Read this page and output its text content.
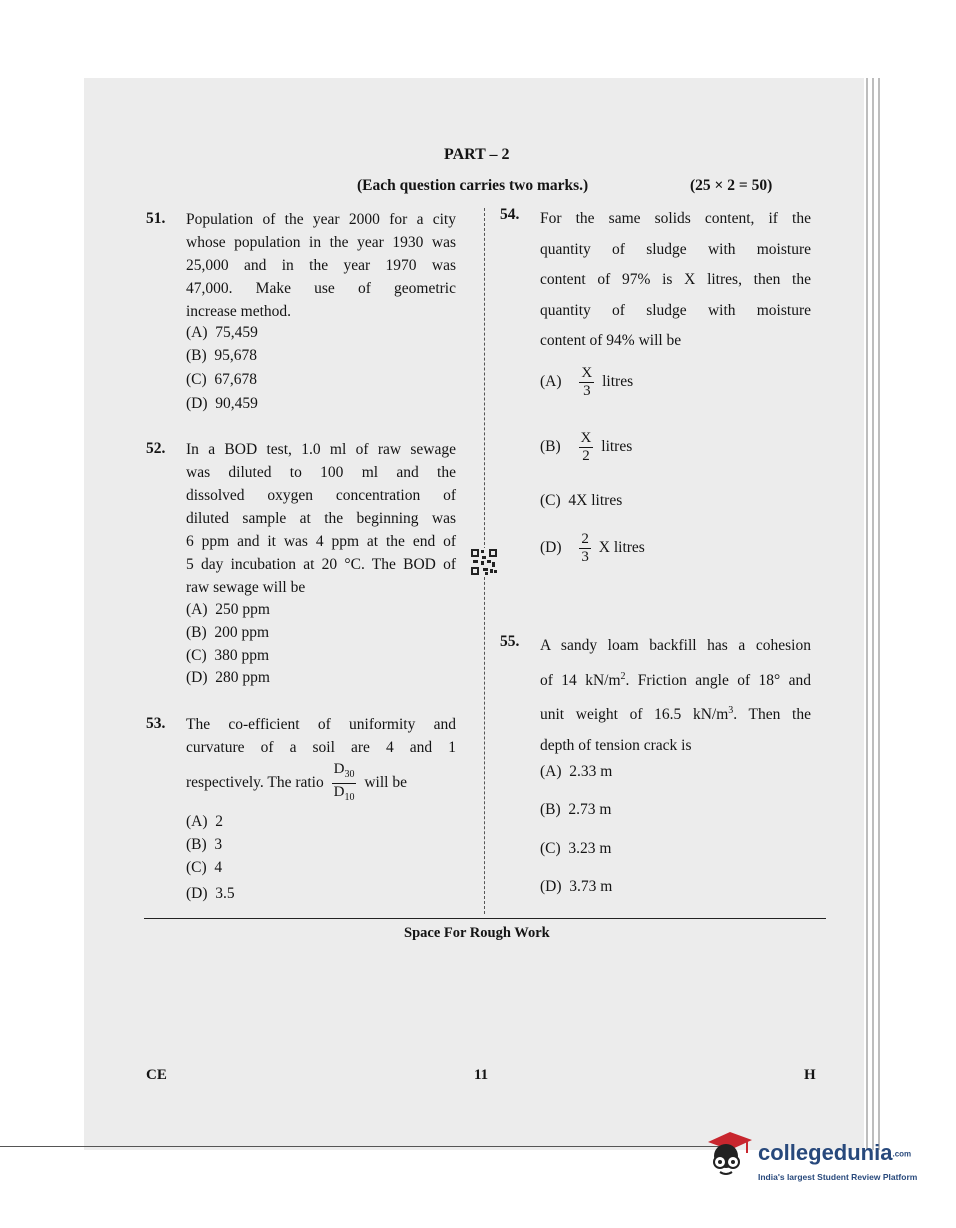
PART – 2
(Each question carries two marks.)	(25 × 2 = 50)
51. Population of the year 2000 for a city
whose population in the year 1930 was
25,000 and in the year 1970 was
47,000. Make use of geometric
increase method.
(A) 75,459
(B) 95,678
(C) 67,678
(D) 90,459
52. In a BOD test, 1.0 ml of raw sewage
was diluted to 100 ml and the
dissolved oxygen concentration of
diluted sample at the beginning was
6 ppm and it was 4 ppm at the end of
5 day incubation at 20 °C. The BOD of
raw sewage will be
(A) 250 ppm
(B) 200 ppm
(C) 380 ppm
(D) 280 ppm
53. The co-efficient of uniformity and
curvature of a soil are 4 and 1
respectively. The ratio $\frac{D_{30}}{D_{10}}$ will be
(A) 2
(B) 3
(C) 4
(D) 3.5
54. For the same solids content, if the
quantity of sludge with moisture
content of 97% is X litres, then the
quantity of sludge with moisture
content of 94% will be
$(A) \frac{X}{3}$ litres
$(B) \frac{X}{2}$ litres
(C) 4X litres
$(D) \frac{2}{3}$ X litres
55. A sandy loam backfill has a cohesion
of 14 $kN/m^2$. Friction angle of 18° and
unit weight of 16.5 $kN/m^3$. Then the
depth of tension crack is
(A) 2.33 m
(B) 2.73 m
(C) 3.23 m
(D) 3.73 m
Space For Rough Work
CE	11	H
collegedunia.com
India's largest Student Review Platform
